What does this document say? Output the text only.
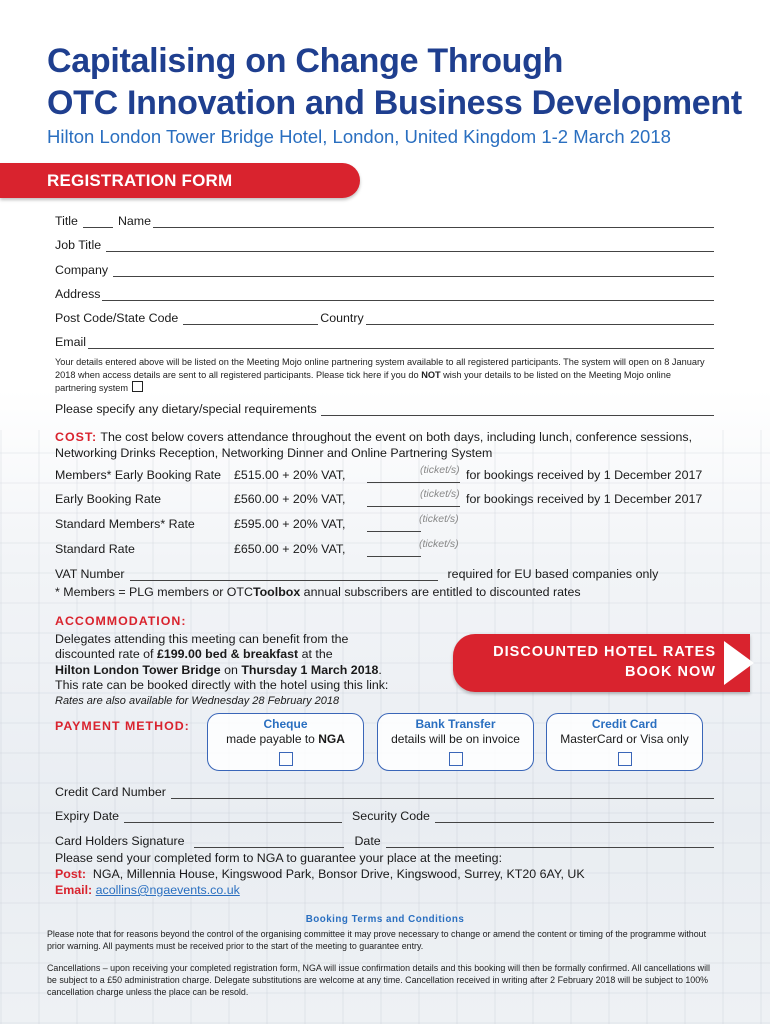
Capitalising on Change Through
OTC Innovation and Business Development
Hilton London Tower Bridge Hotel, London, United Kingdom 1-2 March 2018
REGISTRATION FORM
Title	Name
Job Title
Company
Address
Post Code/State Code	Country
Email
Your details entered above will be listed on the Meeting Mojo online partnering system available to all registered participants. The system will open on 8 January 2018 when access details are sent to all registered participants. Please tick here if you do NOT wish your details to be listed on the Meeting Mojo online partnering system
Please specify any dietary/special requirements
COST: The cost below covers attendance throughout the event on both days, including lunch, conference sessions, Networking Drinks Reception, Networking Dinner and Online Partnering System
Members* Early Booking Rate £515.00 + 20% VAT,	(ticket/s) for bookings received by 1 December 2017
Early Booking Rate	£560.00 + 20% VAT,	(ticket/s) for bookings received by 1 December 2017
Standard Members* Rate	£595.00 + 20% VAT,	(ticket/s)
Standard Rate	£650.00 + 20% VAT,	(ticket/s)
VAT Number	required for EU based companies only
* Members = PLG members or OTC Toolbox annual subscribers are entitled to discounted rates
ACCOMMODATION:
Delegates attending this meeting can benefit from the
discounted rate of £199.00 bed & breakfast at the
Hilton London Tower Bridge on Thursday 1 March 2018.
This rate can be booked directly with the hotel using this link:
Rates are also available for Wednesday 28 February 2018
DISCOUNTED HOTEL RATES
BOOK NOW
PAYMENT METHOD:	Cheque
made payable to NGA
Bank Transfer
details will be on invoice
Credit Card
MasterCard or Visa only
Credit Card Number
Expiry Date	Security Code
Card Holders Signature	Date
Please send your completed form to NGA to guarantee your place at the meeting:
Post: NGA, Millennia House, Kingswood Park, Bonsor Drive, Kingswood, Surrey, KT20 6AY, UK
Email: acollins@ngaevents.co.uk
Booking Terms and Conditions
Please note that for reasons beyond the control of the organising committee it may prove necessary to change or amend the content or timing of the programme without prior warning. All payments must be received prior to the start of the meeting to guarantee entry.
Cancellations – upon receiving your completed registration form, NGA will issue confirmation details and this booking will then be formally confirmed. All cancellations will be subject to a £50 administration charge. Delegate substitutions are welcome at any time. Cancellation received in writing after 2 February 2018 will be subject to 100% cancellation charge unless the place can be resold.
